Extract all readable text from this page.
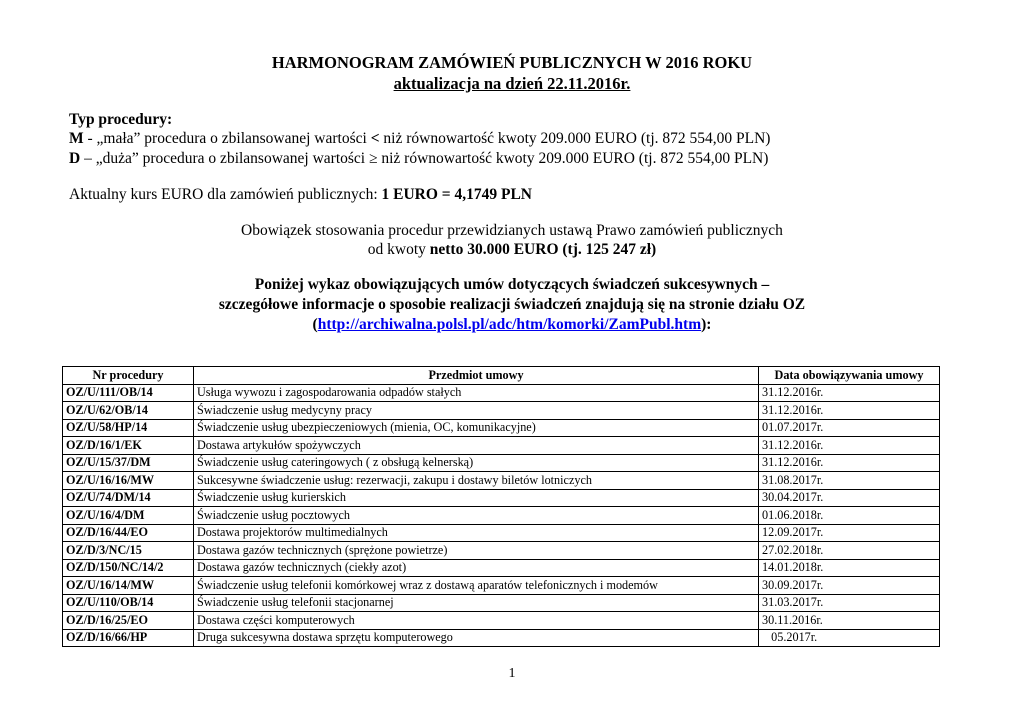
HARMONOGRAM ZAMÓWIEŃ PUBLICZNYCH W 2016 ROKU
aktualizacja na dzień 22.11.2016r.
Typ procedury:
M - „mała” procedura o zbilansowanej wartości < niż równowartość kwoty 209.000 EURO (tj. 872 554,00 PLN)
D – „duża” procedura o zbilansowanej wartości ≥ niż równowartość kwoty 209.000 EURO (tj. 872 554,00 PLN)
Aktualny kurs EURO dla zamówień publicznych: 1 EURO = 4,1749 PLN
Obowiązek stosowania procedur przewidzianych ustawą Prawo zamówień publicznych
od kwoty netto 30.000 EURO (tj. 125 247 zł)
Poniżej wykaz obowiązujących umów dotyczących świadczeń sukcesywnych –
szczegółowe informacje o sposobie realizacji świadczeń znajdują się na stronie działu OZ
(http://archiwalna.polsl.pl/adc/htm/komorki/ZamPubl.htm):
Nr procedury	Przedmiot umowy	Data obowiązywania umowy
OZ/U/111/OB/14	Usługa wywozu i zagospodarowania odpadów stałych	31.12.2016r.
OZ/U/62/OB/14	Świadczenie usług medycyny pracy	31.12.2016r.
OZ/U/58/HP/14	Świadczenie usług ubezpieczeniowych (mienia, OC, komunikacyjne)	01.07.2017r.
OZ/D/16/1/EK	Dostawa artykułów spożywczych	31.12.2016r.
OZ/U/15/37/DM	Świadczenie usług cateringowych ( z obsługą kelnerską)	31.12.2016r.
OZ/U/16/16/MW	Sukcesywne świadczenie usług: rezerwacji, zakupu i dostawy biletów lotniczych	31.08.2017r.
OZ/U/74/DM/14	Świadczenie usług kurierskich	30.04.2017r.
OZ/U/16/4/DM	Świadczenie usług pocztowych	01.06.2018r.
OZ/D/16/44/EO	Dostawa projektorów multimedialnych	12.09.2017r.
OZ/D/3/NC/15	Dostawa gazów technicznych (sprężone powietrze)	27.02.2018r.
OZ/D/150/NC/14/2	Dostawa gazów technicznych (ciekły azot)	14.01.2018r.
OZ/U/16/14/MW	Świadczenie usług telefonii komórkowej wraz z dostawą aparatów telefonicznych i modemów	30.09.2017r.
OZ/U/110/OB/14	Świadczenie usług telefonii stacjonarnej	31.03.2017r.
OZ/D/16/25/EO	Dostawa części komputerowych	30.11.2016r.
OZ/D/16/66/HP	Druga sukcesywna dostawa sprzętu komputerowego	05.2017r.
1
